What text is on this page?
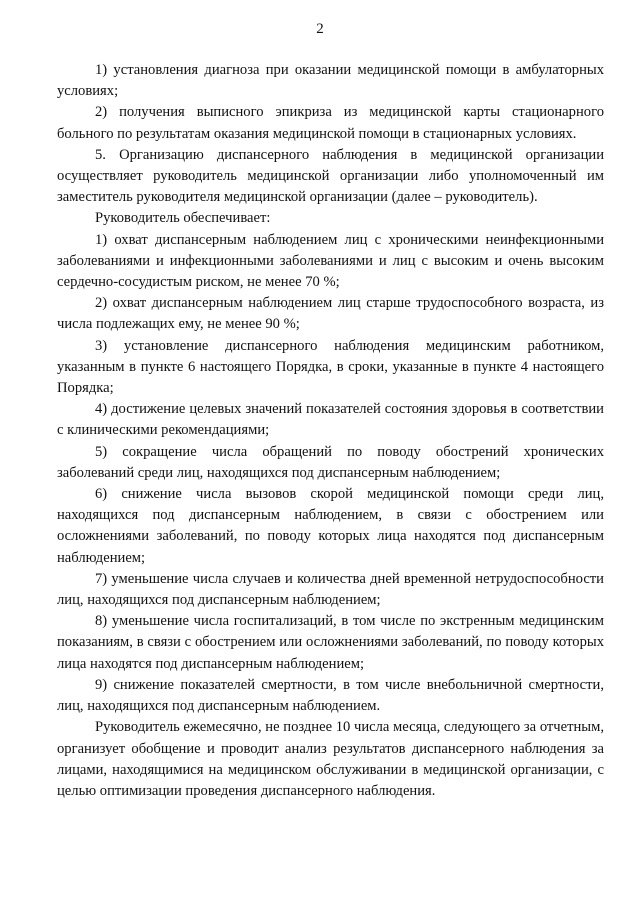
2

1) установления диагноза при оказании медицинской помощи в амбулаторных условиях;

2) получения выписного эпикриза из медицинской карты стационарного больного по результатам оказания медицинской помощи в стационарных условиях.

5. Организацию диспансерного наблюдения в медицинской организации осуществляет руководитель медицинской организации либо уполномоченный им заместитель руководителя медицинской организации (далее – руководитель).

Руководитель обеспечивает:

1) охват диспансерным наблюдением лиц с хроническими неинфекционными заболеваниями и инфекционными заболеваниями и лиц с высоким и очень высоким сердечно-сосудистым риском, не менее 70 %;

2) охват диспансерным наблюдением лиц старше трудоспособного возраста, из числа подлежащих ему, не менее 90 %;

3) установление диспансерного наблюдения медицинским работником, указанным в пункте 6 настоящего Порядка, в сроки, указанные в пункте 4 настоящего Порядка;

4) достижение целевых значений показателей состояния здоровья в соответствии с клиническими рекомендациями;

5) сокращение числа обращений по поводу обострений хронических заболеваний среди лиц, находящихся под диспансерным наблюдением;

6) снижение числа вызовов скорой медицинской помощи среди лиц, находящихся под диспансерным наблюдением, в связи с обострением или осложнениями заболеваний, по поводу которых лица находятся под диспансерным наблюдением;

7) уменьшение числа случаев и количества дней временной нетрудоспособности лиц, находящихся под диспансерным наблюдением;

8) уменьшение числа госпитализаций, в том числе по экстренным медицинским показаниям, в связи с обострением или осложнениями заболеваний, по поводу которых лица находятся под диспансерным наблюдением;

9) снижение показателей смертности, в том числе внебольничной смертности, лиц, находящихся под диспансерным наблюдением.

Руководитель ежемесячно, не позднее 10 числа месяца, следующего за отчетным, организует обобщение и проводит анализ результатов диспансерного наблюдения за лицами, находящимися на медицинском обслуживании в медицинской организации, с целью оптимизации проведения диспансерного наблюдения.
